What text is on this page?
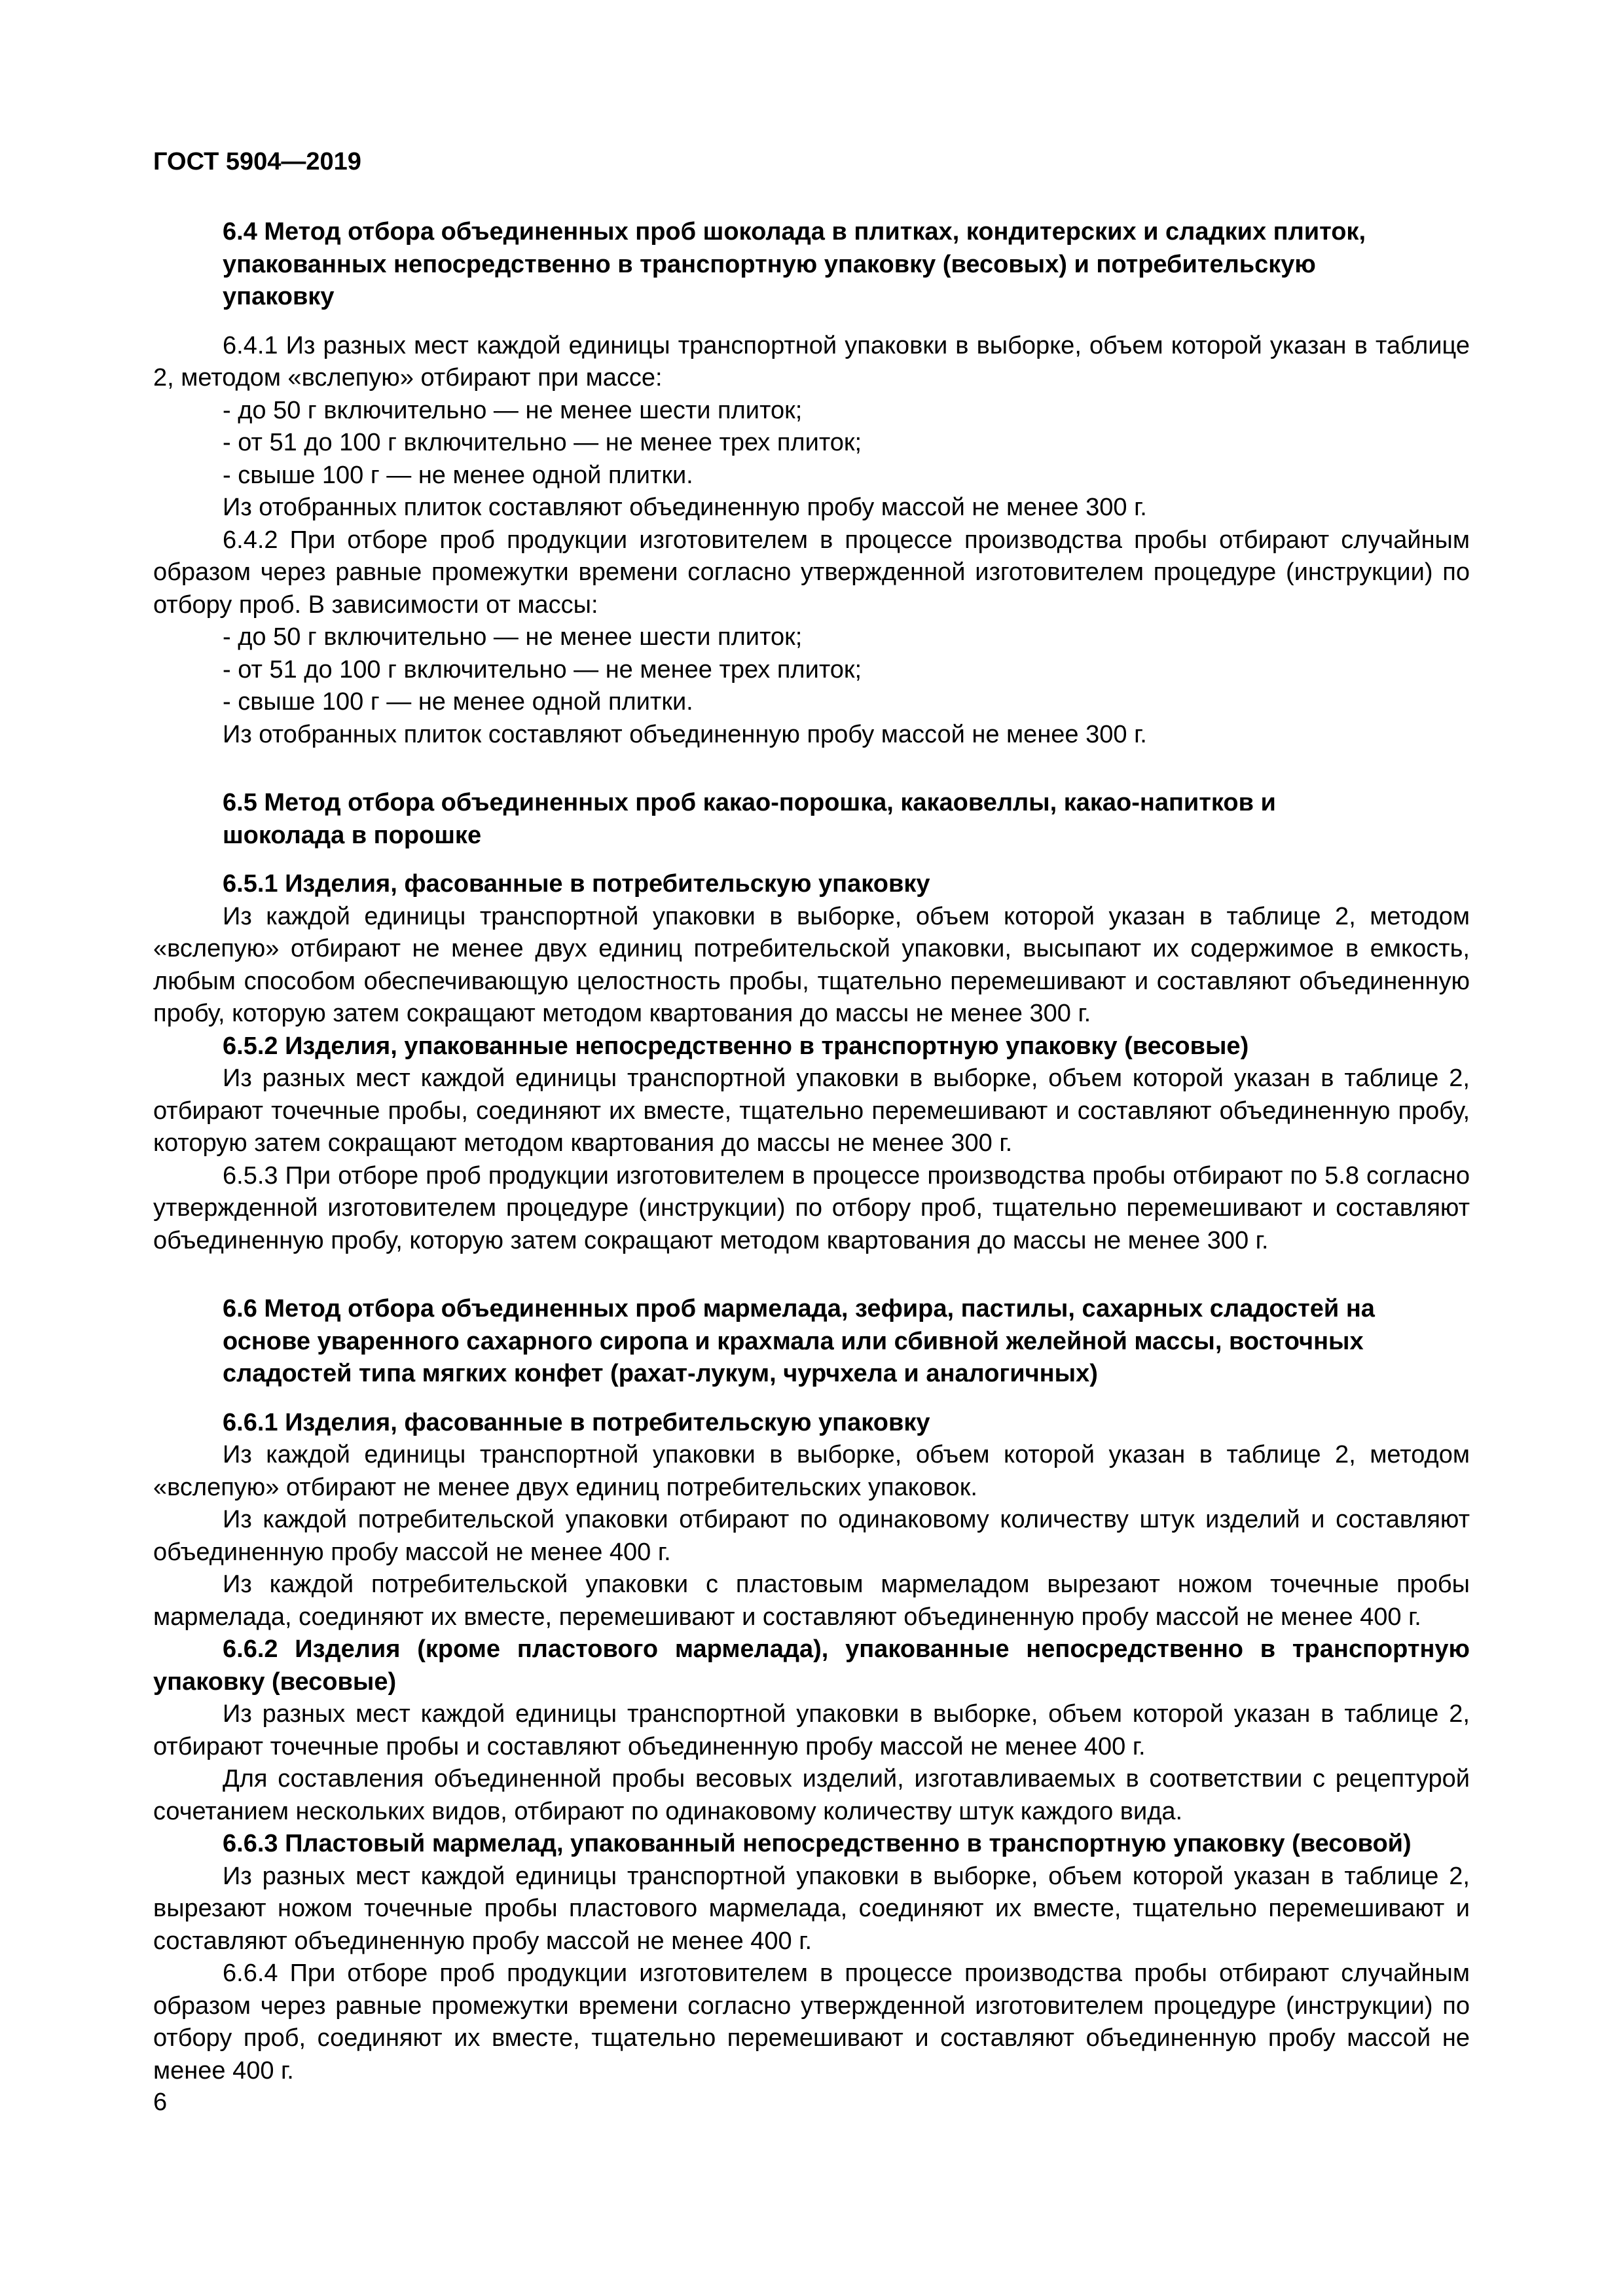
ГОСТ 5904—2019

6.4 Метод отбора объединенных проб шоколада в плитках, кондитерских и сладких плиток, упакованных непосредственно в транспортную упаковку (весовых) и потребительскую упаковку

6.4.1 Из разных мест каждой единицы транспортной упаковки в выборке, объем которой указан в таблице 2, методом «вслепую» отбирают при массе:

- до 50 г включительно — не менее шести плиток;

- от 51 до 100 г включительно — не менее трех плиток;

- свыше 100 г — не менее одной плитки.

Из отобранных плиток составляют объединенную пробу массой не менее 300 г.

6.4.2 При отборе проб продукции изготовителем в процессе производства пробы отбирают случайным образом через равные промежутки времени согласно утвержденной изготовителем процедуре (инструкции) по отбору проб. В зависимости от массы:

- до 50 г включительно — не менее шести плиток;

- от 51 до 100 г включительно — не менее трех плиток;

- свыше 100 г — не менее одной плитки.

Из отобранных плиток составляют объединенную пробу массой не менее 300 г.

6.5 Метод отбора объединенных проб какао-порошка, какаовеллы, какао-напитков и шоколада в порошке

6.5.1 Изделия, фасованные в потребительскую упаковку

Из каждой единицы транспортной упаковки в выборке, объем которой указан в таблице 2, методом «вслепую» отбирают не менее двух единиц потребительской упаковки, высыпают их содержимое в емкость, любым способом обеспечивающую целостность пробы, тщательно перемешивают и составляют объединенную пробу, которую затем сокращают методом квартования до массы не менее 300 г.

6.5.2 Изделия, упакованные непосредственно в транспортную упаковку (весовые)

Из разных мест каждой единицы транспортной упаковки в выборке, объем которой указан в таблице 2, отбирают точечные пробы, соединяют их вместе, тщательно перемешивают и составляют объединенную пробу, которую затем сокращают методом квартования до массы не менее 300 г.

6.5.3 При отборе проб продукции изготовителем в процессе производства пробы отбирают по 5.8 согласно утвержденной изготовителем процедуре (инструкции) по отбору проб, тщательно перемешивают и составляют объединенную пробу, которую затем сокращают методом квартования до массы не менее 300 г.

6.6 Метод отбора объединенных проб мармелада, зефира, пастилы, сахарных сладостей на основе уваренного сахарного сиропа и крахмала или сбивной желейной массы, восточных сладостей типа мягких конфет (рахат-лукум, чурчхела и аналогичных)

6.6.1 Изделия, фасованные в потребительскую упаковку

Из каждой единицы транспортной упаковки в выборке, объем которой указан в таблице 2, методом «вслепую» отбирают не менее двух единиц потребительских упаковок.

Из каждой потребительской упаковки отбирают по одинаковому количеству штук изделий и составляют объединенную пробу массой не менее 400 г.

Из каждой потребительской упаковки с пластовым мармеладом вырезают ножом точечные пробы мармелада, соединяют их вместе, перемешивают и составляют объединенную пробу массой не менее 400 г.

6.6.2 Изделия (кроме пластового мармелада), упакованные непосредственно в транспортную упаковку (весовые)

Из разных мест каждой единицы транспортной упаковки в выборке, объем которой указан в таблице 2, отбирают точечные пробы и составляют объединенную пробу массой не менее 400 г.

Для составления объединенной пробы весовых изделий, изготавливаемых в соответствии с рецептурой сочетанием нескольких видов, отбирают по одинаковому количеству штук каждого вида.

6.6.3 Пластовый мармелад, упакованный непосредственно в транспортную упаковку (весовой)

Из разных мест каждой единицы транспортной упаковки в выборке, объем которой указан в таблице 2, вырезают ножом точечные пробы пластового мармелада, соединяют их вместе, тщательно перемешивают и составляют объединенную пробу массой не менее 400 г.

6.6.4 При отборе проб продукции изготовителем в процессе производства пробы отбирают случайным образом через равные промежутки времени согласно утвержденной изготовителем процедуре (инструкции) по отбору проб, соединяют их вместе, тщательно перемешивают и составляют объединенную пробу массой не менее 400 г.

6
